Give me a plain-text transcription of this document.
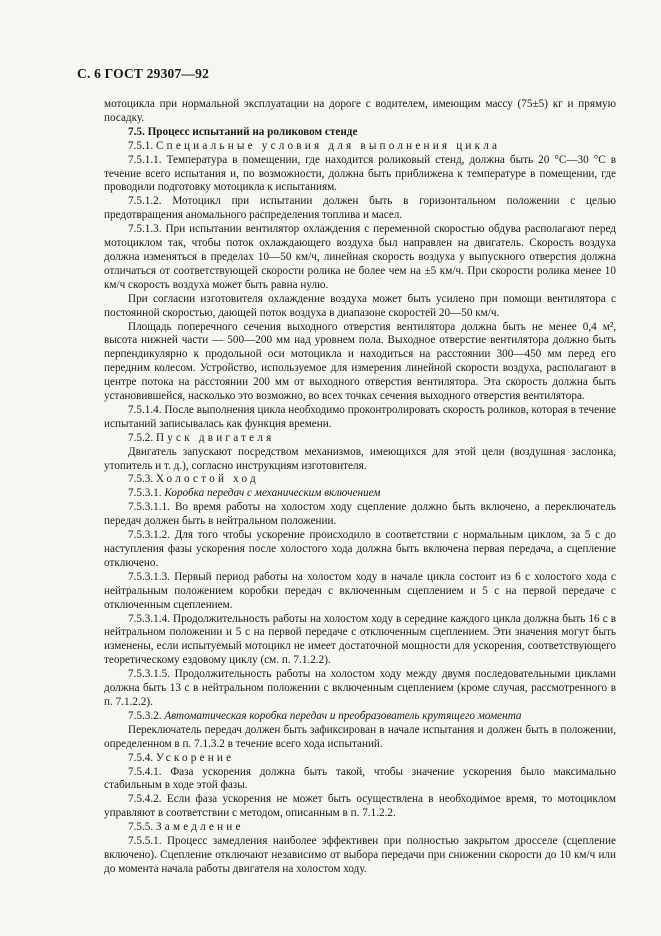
С. 6 ГОСТ 29307—92

мотоцикла при нормальной эксплуатации на дороге с водителем, имеющим массу (75±5) кг и прямую посадку.

7.5. Процесс испытаний на роликовом стенде

7.5.1. Специальные условия для выполнения цикла

7.5.1.1. Температура в помещении, где находится роликовый стенд, должна быть 20 °С—30 °С в течение всего испытания и, по возможности, должна быть приближена к температуре в помещении, где проводили подготовку мотоцикла к испытаниям.

7.5.1.2. Мотоцикл при испытании должен быть в горизонтальном положении с целью предотвращения аномального распределения топлива и масел.

7.5.1.3. При испытании вентилятор охлаждения с переменной скоростью обдува располагают перед мотоциклом так, чтобы поток охлаждающего воздуха был направлен на двигатель. Скорость воздуха должна изменяться в пределах 10—50 км/ч, линейная скорость воздуха у выпускного отверстия должна отличаться от соответствующей скорости ролика не более чем на ±5 км/ч. При скорости ролика менее 10 км/ч скорость воздуха может быть равна нулю.

При согласии изготовителя охлаждение воздуха может быть усилено при помощи вентилятора с постоянной скоростью, дающей поток воздуха в диапазоне скоростей 20—50 км/ч.

Площадь поперечного сечения выходного отверстия вентилятора должна быть не менее 0,4 м², высота нижней части — 500—200 мм над уровнем пола. Выходное отверстие вентилятора должно быть перпендикулярно к продольной оси мотоцикла и находиться на расстоянии 300—450 мм перед его передним колесом. Устройство, используемое для измерения линейной скорости воздуха, располагают в центре потока на расстоянии 200 мм от выходного отверстия вентилятора. Эта скорость должна быть установившейся, насколько это возможно, во всех точках сечения выходного отверстия вентилятора.

7.5.1.4. После выполнения цикла необходимо проконтролировать скорость роликов, которая в течение испытаний записывалась как функция времени.

7.5.2. Пуск двигателя

Двигатель запускают посредством механизмов, имеющихся для этой цели (воздушная заслонка, утопитель и т. д.), согласно инструкциям изготовителя.

7.5.3. Холостой ход

7.5.3.1. Коробка передач с механическим включением

7.5.3.1.1. Во время работы на холостом ходу сцепление должно быть включено, а переключатель передач должен быть в нейтральном положении.

7.5.3.1.2. Для того чтобы ускорение происходило в соответствии с нормальным циклом, за 5 с до наступления фазы ускорения после холостого хода должна быть включена первая передача, а сцепление отключено.

7.5.3.1.3. Первый период работы на холостом ходу в начале цикла состоит из 6 с холостого хода с нейтральным положением коробки передач с включенным сцеплением и 5 с на первой передаче с отключенным сцеплением.

7.5.3.1.4. Продолжительность работы на холостом ходу в середине каждого цикла должна быть 16 с в нейтральном положении и 5 с на первой передаче с отключенным сцеплением. Эти значения могут быть изменены, если испытуемый мотоцикл не имеет достаточной мощности для ускорения, соответствующего теоретическому ездовому циклу (см. п. 7.1.2.2).

7.5.3.1.5. Продолжительность работы на холостом ходу между двумя последовательными циклами должна быть 13 с в нейтральном положении с включенным сцеплением (кроме случая, рассмотренного в п. 7.1.2.2).

7.5.3.2. Автоматическая коробка передач и преобразователь крутящего момента

Переключатель передач должен быть зафиксирован в начале испытания и должен быть в положении, определенном в п. 7.1.3.2 в течение всего хода испытаний.

7.5.4. Ускорение

7.5.4.1. Фаза ускорения должна быть такой, чтобы значение ускорения было максимально стабильным в ходе этой фазы.

7.5.4.2. Если фаза ускорения не может быть осуществлена в необходимое время, то мотоциклом управляют в соответствии с методом, описанным в п. 7.1.2.2.

7.5.5. Замедление

7.5.5.1. Процесс замедления наиболее эффективен при полностью закрытом дросселе (сцепление включено). Сцепление отключают независимо от выбора передачи при снижении скорости до 10 км/ч или до момента начала работы двигателя на холостом ходу.
